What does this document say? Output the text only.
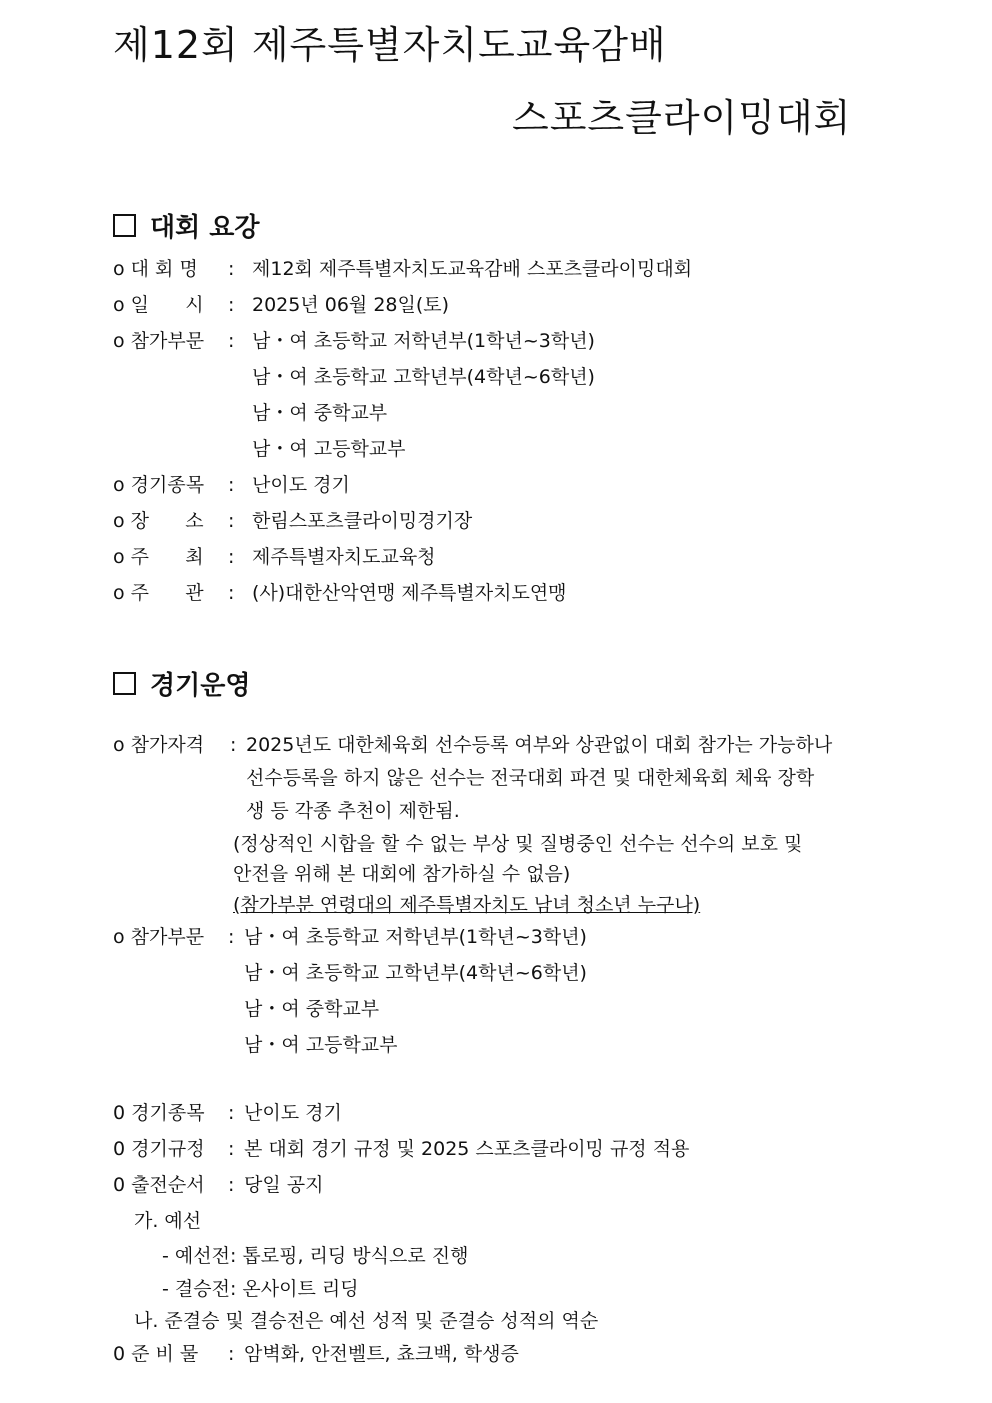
제12회 제주특별자치도교육감배
스포츠클라이밍대회
대회 요강
o 대 회 명 : 제12회 제주특별자치도교육감배 스포츠클라이밍대회
o 일      시 : 2025년 06월 28일(토)
o 참가부문 : 남・여 초등학교 저학년부(1학년~3학년)
남・여 초등학교 고학년부(4학년~6학년)
남・여 중학교부
남・여 고등학교부
o 경기종목 : 난이도 경기
o 장      소 : 한림스포츠클라이밍경기장
o 주      최 : 제주특별자치도교육청
o 주      관 : (사)대한산악연맹 제주특별자치도연맹
경기운영
o 참가자격 : 2025년도 대한체육회 선수등록 여부와 상관없이 대회 참가는 가능하나
선수등록을 하지 않은 선수는 전국대회 파견 및 대한체육회 체육 장학
생 등 각종 추천이 제한됨.
(정상적인 시합을 할 수 없는 부상 및 질병중인 선수는 선수의 보호 및
안전을 위해 본 대회에 참가하실 수 없음)
(참가부분 연령대의 제주특별자치도 남녀 청소년 누구나)
o 참가부문 : 남・여 초등학교 저학년부(1학년~3학년)
남・여 초등학교 고학년부(4학년~6학년)
남・여 중학교부
남・여 고등학교부
0 경기종목 : 난이도 경기
0 경기규정 : 본 대회 경기 규정 및 2025 스포츠클라이밍 규정 적용
0 출전순서 : 당일 공지
가. 예선
- 예선전: 톱로핑, 리딩 방식으로 진행
- 결승전: 온사이트 리딩
나. 준결승 및 결승전은 예선 성적 및 준결승 성적의 역순
0 준 비 물 : 암벽화, 안전벨트, 쵸크백, 학생증
